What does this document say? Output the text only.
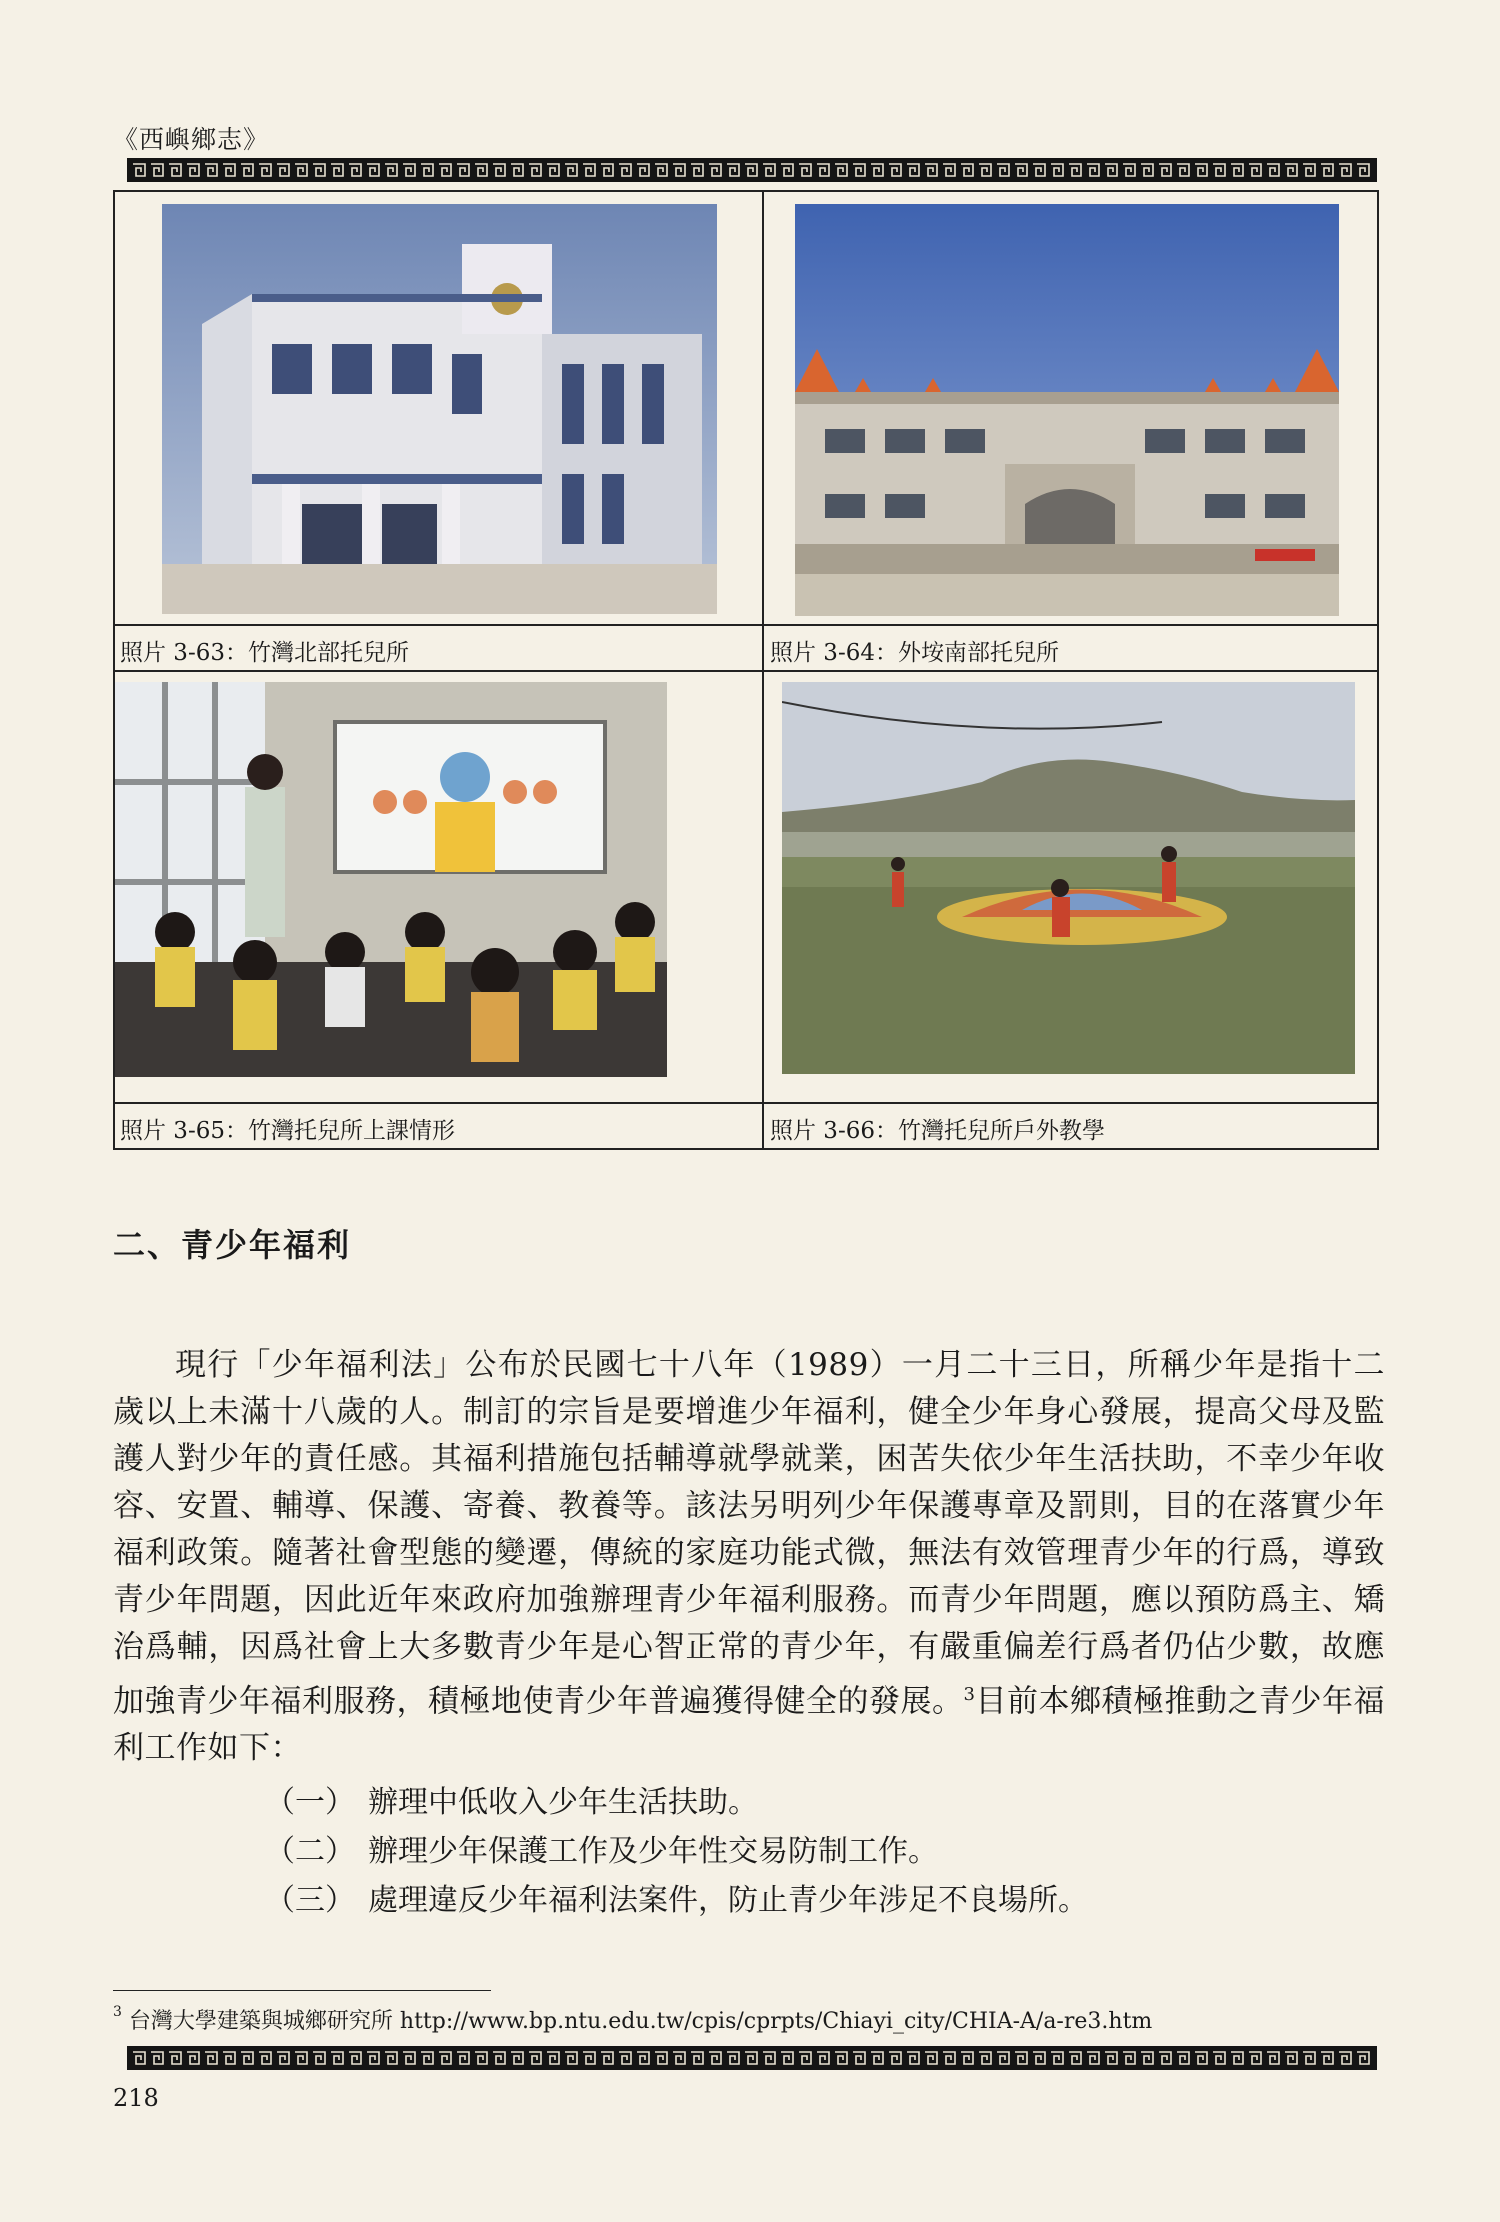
《西嶼鄉志》
照片 3-63：竹灣北部托兒所	照片 3-64：外垵南部托兒所
照片 3-65：竹灣托兒所上課情形	照片 3-66：竹灣托兒所戶外教學
二、青少年福利
現行「少年福利法」公布於民國七十八年（1989）一月二十三日，所稱少年是指十二歲以上未滿十八歲的人。制訂的宗旨是要增進少年福利，健全少年身心發展，提高父母及監護人對少年的責任感。其福利措施包括輔導就學就業，困苦失依少年生活扶助，不幸少年收容、安置、輔導、保護、寄養、教養等。該法另明列少年保護專章及罰則，目的在落實少年福利政策。隨著社會型態的變遷，傳統的家庭功能式微，無法有效管理青少年的行爲，導致青少年問題，因此近年來政府加強辦理青少年福利服務。而青少年問題，應以預防爲主、矯治爲輔，因爲社會上大多數青少年是心智正常的青少年，有嚴重偏差行爲者仍佔少數，故應加強青少年福利服務，積極地使青少年普遍獲得健全的發展。$^3$目前本鄉積極推動之青少年福利工作如下：
（一） 辦理中低收入少年生活扶助。
（二） 辦理少年保護工作及少年性交易防制工作。
（三） 處理違反少年福利法案件，防止青少年涉足不良場所。
$^3$ 台灣大學建築與城鄉研究所 http://www.bp.ntu.edu.tw/cpis/cprpts/Chiayi_city/CHIA-A/a-re3.htm
218
